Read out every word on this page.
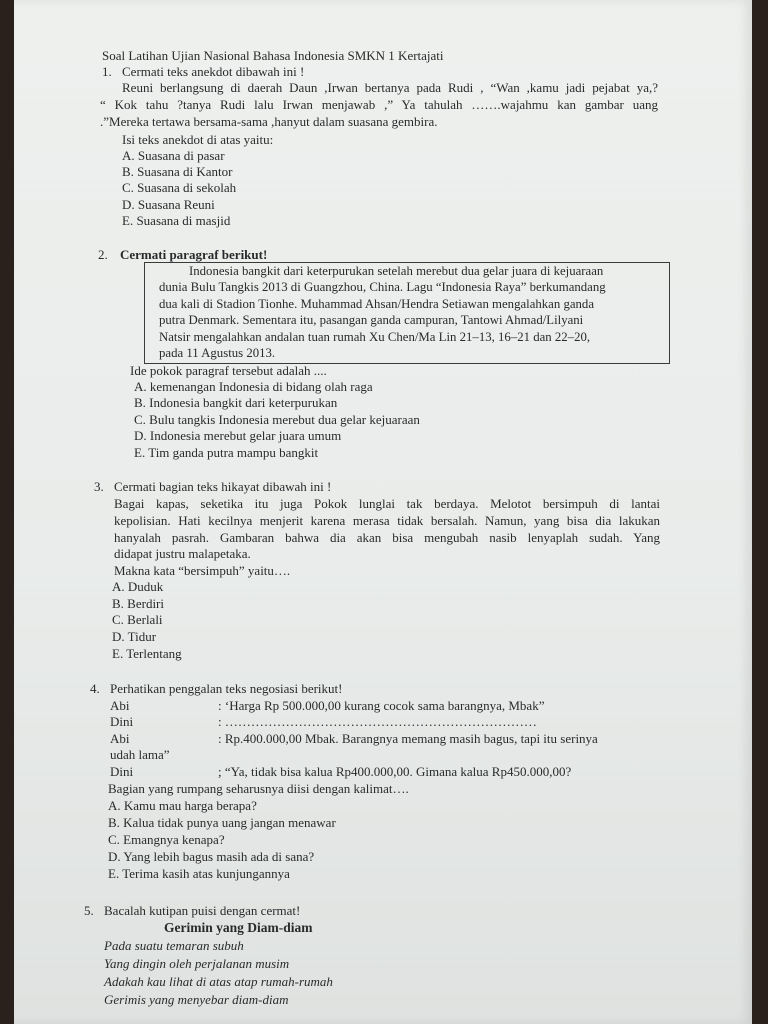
Soal Latihan Ujian Nasional Bahasa Indonesia SMKN 1 Kertajati
1. Cermati teks anekdot dibawah ini !
Reuni berlangsung di daerah Daun ,Irwan bertanya pada Rudi , “Wan ,kamu jadi pejabat ya,?
“ Kok tahu ?tanya Rudi lalu Irwan menjawab ,” Ya tahulah …….wajahmu kan gambar uang
.”Mereka tertawa bersama-sama ,hanyut dalam suasana gembira.
Isi teks anekdot di atas yaitu:
A. Suasana di pasar
B. Suasana di Kantor
C. Suasana di sekolah
D. Suasana Reuni
E. Suasana di masjid
2. Cermati paragraf berikut!
Indonesia bangkit dari keterpurukan setelah merebut dua gelar juara di kejuaraan
dunia Bulu Tangkis 2013 di Guangzhou, China. Lagu “Indonesia Raya” berkumandang
dua kali di Stadion Tionhe. Muhammad Ahsan/Hendra Setiawan mengalahkan ganda
putra Denmark. Sementara itu, pasangan ganda campuran, Tantowi Ahmad/Lilyani
Natsir mengalahkan andalan tuan rumah Xu Chen/Ma Lin 21–13, 16–21 dan 22–20,
pada 11 Agustus 2013.
Ide pokok paragraf tersebut adalah ....
A. kemenangan Indonesia di bidang olah raga
B. Indonesia bangkit dari keterpurukan
C. Bulu tangkis Indonesia merebut dua gelar kejuaraan
D. Indonesia merebut gelar juara umum
E. Tim ganda putra mampu bangkit
3. Cermati bagian teks hikayat dibawah ini !
Bagai kapas, seketika itu juga Pokok lunglai tak berdaya. Melotot bersimpuh di lantai
kepolisian. Hati kecilnya menjerit karena merasa tidak bersalah. Namun, yang bisa dia lakukan
hanyalah pasrah. Gambaran bahwa dia akan bisa mengubah nasib lenyaplah sudah. Yang
didapat justru malapetaka.
Makna kata “bersimpuh” yaitu….
A. Duduk
B. Berdiri
C. Berlali
D. Tidur
E. Terlentang
4. Perhatikan penggalan teks negosiasi berikut!
Abi	: ‘Harga Rp 500.000,00 kurang cocok sama barangnya, Mbak”
Dini	: ………………………………………………………………
Abi	: Rp.400.000,00 Mbak. Barangnya memang masih bagus, tapi itu serinya
udah lama”
Dini	; “Ya, tidak bisa kalua Rp400.000,00. Gimana kalua Rp450.000,00?
Bagian yang rumpang seharusnya diisi dengan kalimat….
A. Kamu mau harga berapa?
B. Kalua tidak punya uang jangan menawar
C. Emangnya kenapa?
D. Yang lebih bagus masih ada di sana?
E. Terima kasih atas kunjungannya
5. Bacalah kutipan puisi dengan cermat!
Gerimin yang Diam-diam
Pada suatu temaran subuh
Yang dingin oleh perjalanan musim
Adakah kau lihat di atas atap rumah-rumah
Gerimis yang menyebar diam-diam
